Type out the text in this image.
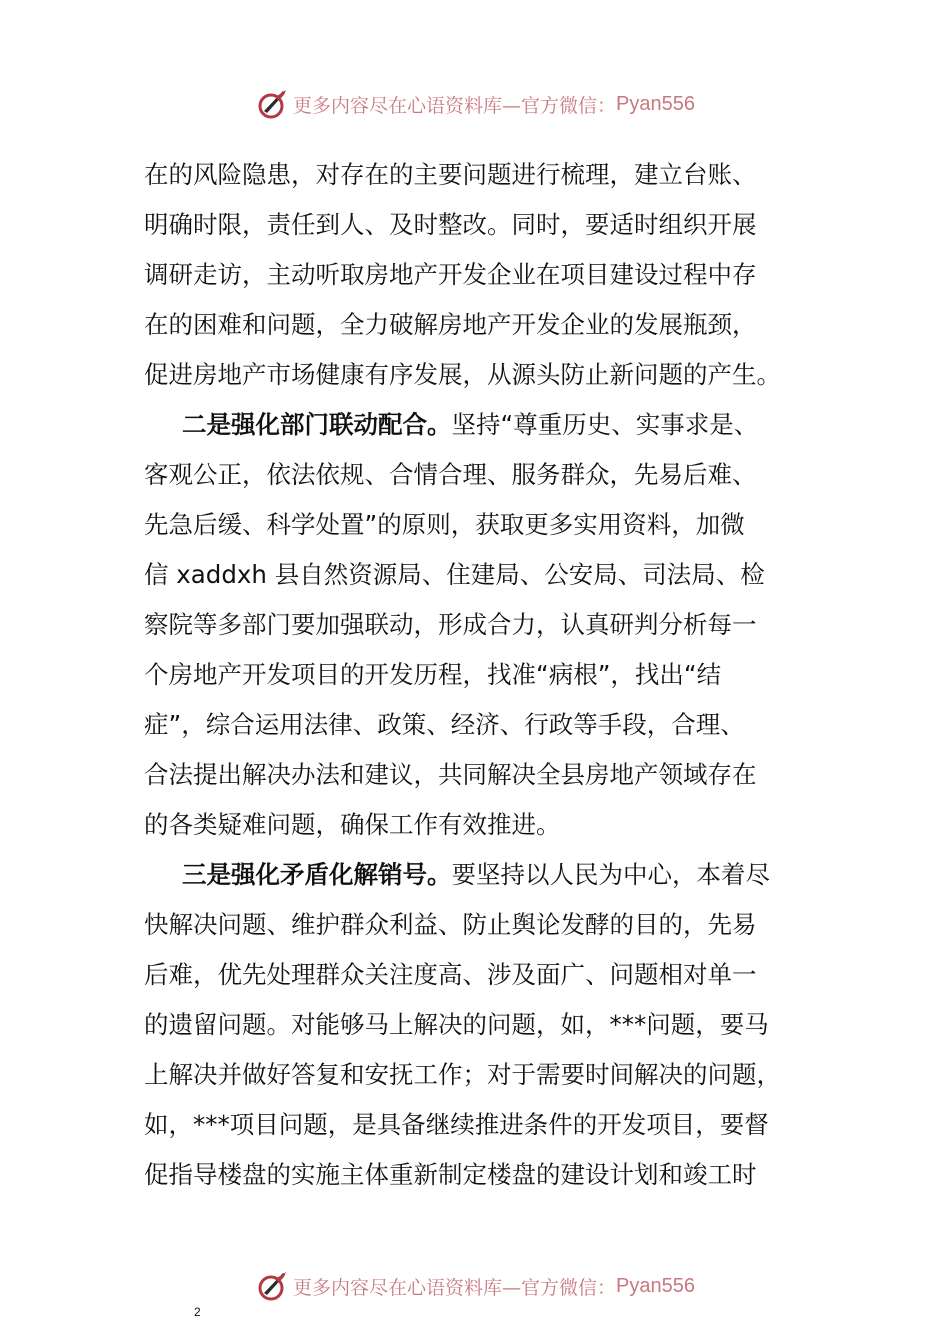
更多内容尽在心语资料库—官方微信： Pyan556
在的风险隐患，对存在的主要问题进行梳理，建立台账、
明确时限，责任到人、及时整改。同时，要适时组织开展
调研走访，主动听取房地产开发企业在项目建设过程中存
在的困难和问题，全力破解房地产开发企业的发展瓶颈，
促进房地产市场健康有序发展，从源头防止新问题的产生。
二是强化部门联动配合。坚持“尊重历史、实事求是、
客观公正，依法依规、合情合理、服务群众，先易后难、
先急后缓、科学处置”的原则，获取更多实用资料，加微
信 xaddxh 县自然资源局、住建局、公安局、司法局、检
察院等多部门要加强联动，形成合力，认真研判分析每一
个房地产开发项目的开发历程，找准“病根”，找出“结
症”，综合运用法律、政策、经济、行政等手段，合理、
合法提出解决办法和建议，共同解决全县房地产领域存在
的各类疑难问题，确保工作有效推进。
三是强化矛盾化解销号。要坚持以人民为中心，本着尽
快解决问题、维护群众利益、防止舆论发酵的目的，先易
后难，优先处理群众关注度高、涉及面广、问题相对单一
的遗留问题。对能够马上解决的问题，如，***问题，要马
上解决并做好答复和安抚工作；对于需要时间解决的问题，
如，***项目问题，是具备继续推进条件的开发项目，要督
促指导楼盘的实施主体重新制定楼盘的建设计划和竣工时
更多内容尽在心语资料库—官方微信： Pyan556
2
